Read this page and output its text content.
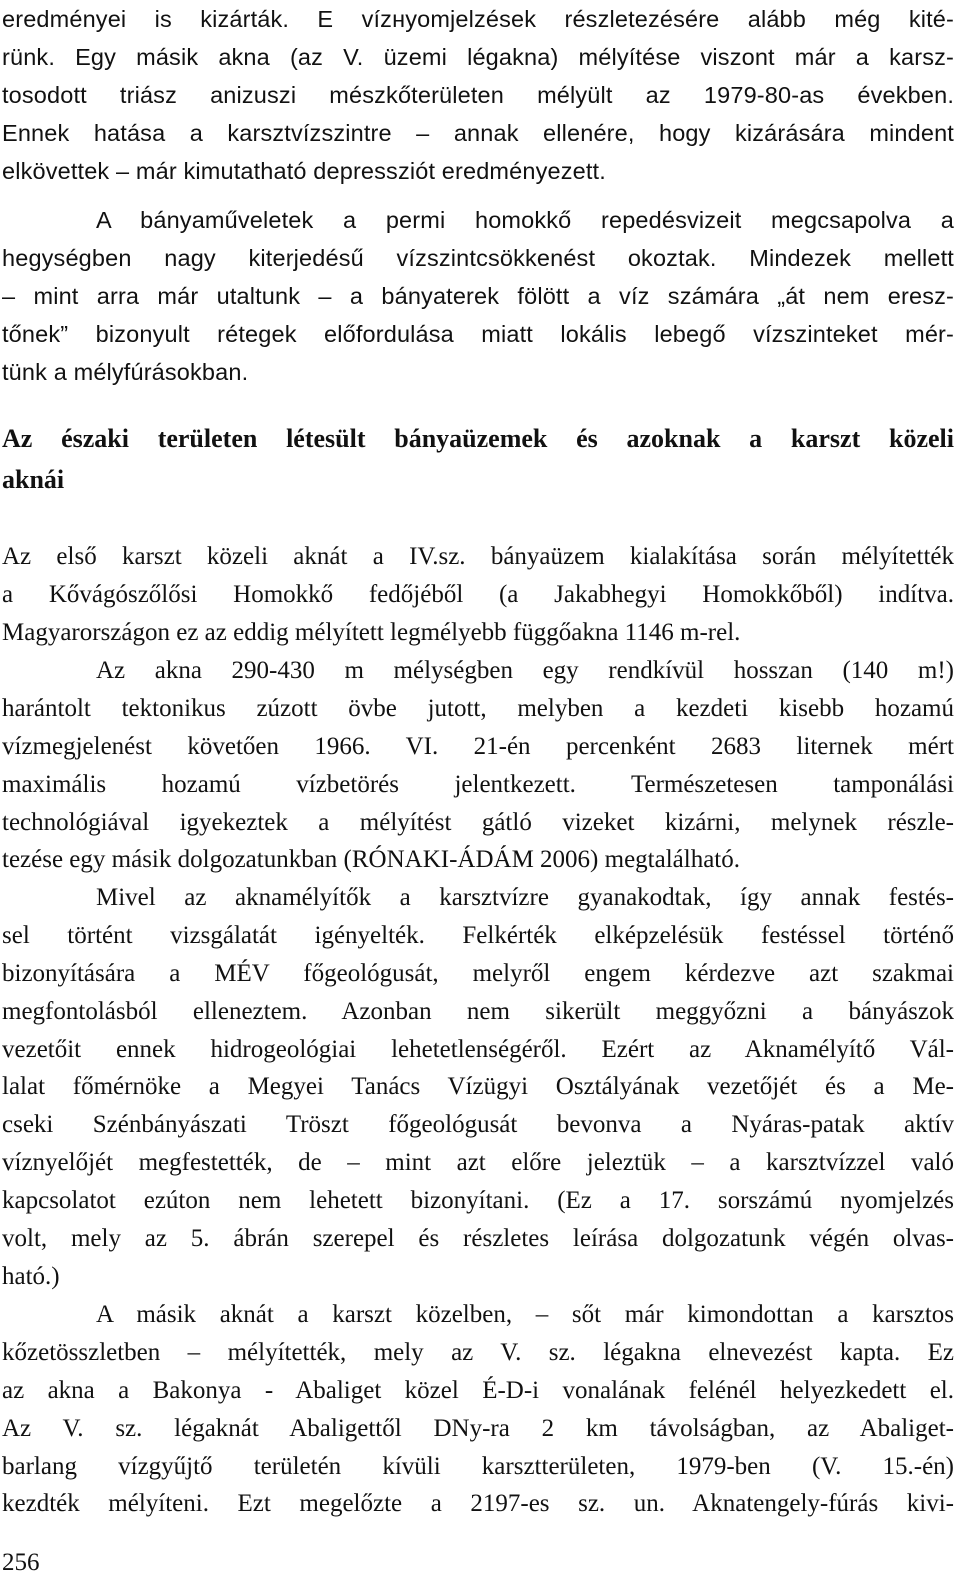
eredményei is kizárták. E vízнyomjelzések részletezésére alább még kité-
rünk. Egy másik akna (az V. üzemi légakna) mélyítése viszont már a karsz-
tosodott triász anizuszi mészkőterületen mélyült az 1979-80-as években.
Ennek hatása a karsztvízszintre – annak ellenére, hogy kizárására mindent
elkövettek – már kimutatható depressziót eredményezett.
A bányaműveletek a permi homokkő repedésvizeit megcsapolva a
hegységben nagy kiterjedésű vízszintcsökkenést okoztak. Mindezek mellett
– mint arra már utaltunk – a bányaterek fölött a víz számára „át nem eresz-
tőnek” bizonyult rétegek előfordulása miatt lokális lebegő vízszinteket mér-
tünk a mélyfúrásokban.
Az északi területen létesült bányaüzemek és azoknak a karszt közeli
aknái
Az első karszt közeli aknát a IV.sz. bányaüzem kialakítása során mélyítették
a Kővágószőlősi Homokkő fedőjéből (a Jakabhegyi Homokkőből) indítva.
Magyarországon ez az eddig mélyített legmélyebb függőakna 1146 m-rel.
Az akna 290-430 m mélységben egy rendkívül hosszan (140 m!)
harántolt tektonikus zúzott övbe jutott, melyben a kezdeti kisebb hozamú
vízmegjelenést követően 1966. VI. 21-én percenként 2683 liternek mért
maximális hozamú vízbetörés jelentkezett. Természetesen tamponálási
technológiával igyekeztek a mélyítést gátló vizeket kizárni, melynek részle-
tezése egy másik dolgozatunkban (RÓNAKI-ÁDÁM 2006) megtalálható.
Mivel az aknamélyítők a karsztvízre gyanakodtak, így annak festés-
sel történt vizsgálatát igényelték. Felkérték elképzelésük festéssel történő
bizonyítására a MÉV főgeológusát, melyről engem kérdezve azt szakmai
megfontolásból elleneztem. Azonban nem sikerült meggyőzni a bányászok
vezetőit ennek hidrogeológiai lehetetlenségéről. Ezért az Aknamélyítő Vál-
lalat főmérnöke a Megyei Tanács Vízügyi Osztályának vezetőjét és a Me-
cseki Szénbányászati Tröszt főgeológusát bevonva a Nyáras-patak aktív
víznyelőjét megfestették, de – mint azt előre jeleztük – a karsztvízzel való
kapcsolatot ezúton nem lehetett bizonyítani. (Ez a 17. sorszámú nyomjelzés
volt, mely az 5. ábrán szerepel és részletes leírása dolgozatunk végén olvas-
ható.)
A másik aknát a karszt közelben, – sőt már kimondottan a karsztos
kőzetösszletben – mélyítették, mely az V. sz. légakna elnevezést kapta. Ez
az akna a Bakonya - Abaliget közel É-D-i vonalának felénél helyezkedett el.
Az V. sz. légaknát Abaligettől DNy-ra 2 km távolságban, az Abaliget-
barlang vízgyűjtő területén kívüli karsztterületen, 1979-ben (V. 15.-én)
kezdték mélyíteni. Ezt megelőzte a 2197-es sz. un. Aknatengely-fúrás kivi-
256
